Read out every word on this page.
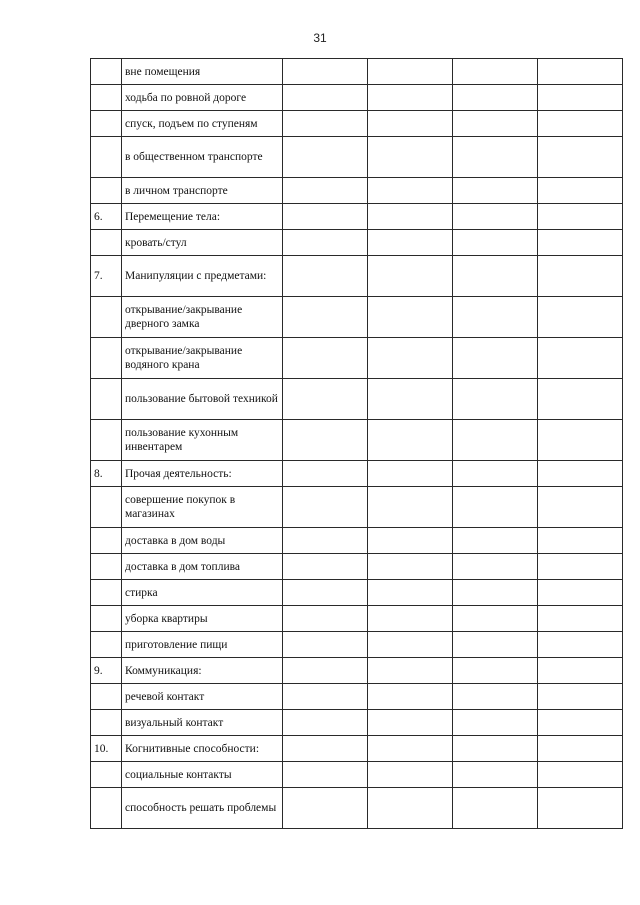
31
	вне помещения				
	ходьба по ровной дороге				
	спуск, подъем по ступеням				
	в общественном транспорте				
	в личном транспорте				
6.	Перемещение тела:				
	кровать/стул				
7.	Манипуляции с предметами:				
	открывание/закрывание дверного замка				
	открывание/закрывание водяного крана				
	пользование бытовой техникой				
	пользование кухонным инвентарем				
8.	Прочая деятельность:				
	совершение покупок в магазинах				
	доставка в дом воды				
	доставка в дом топлива				
	стирка				
	уборка квартиры				
	приготовление пищи				
9.	Коммуникация:				
	речевой контакт				
	визуальный контакт				
10.	Когнитивные способности:				
	социальные контакты				
	способность решать проблемы				
